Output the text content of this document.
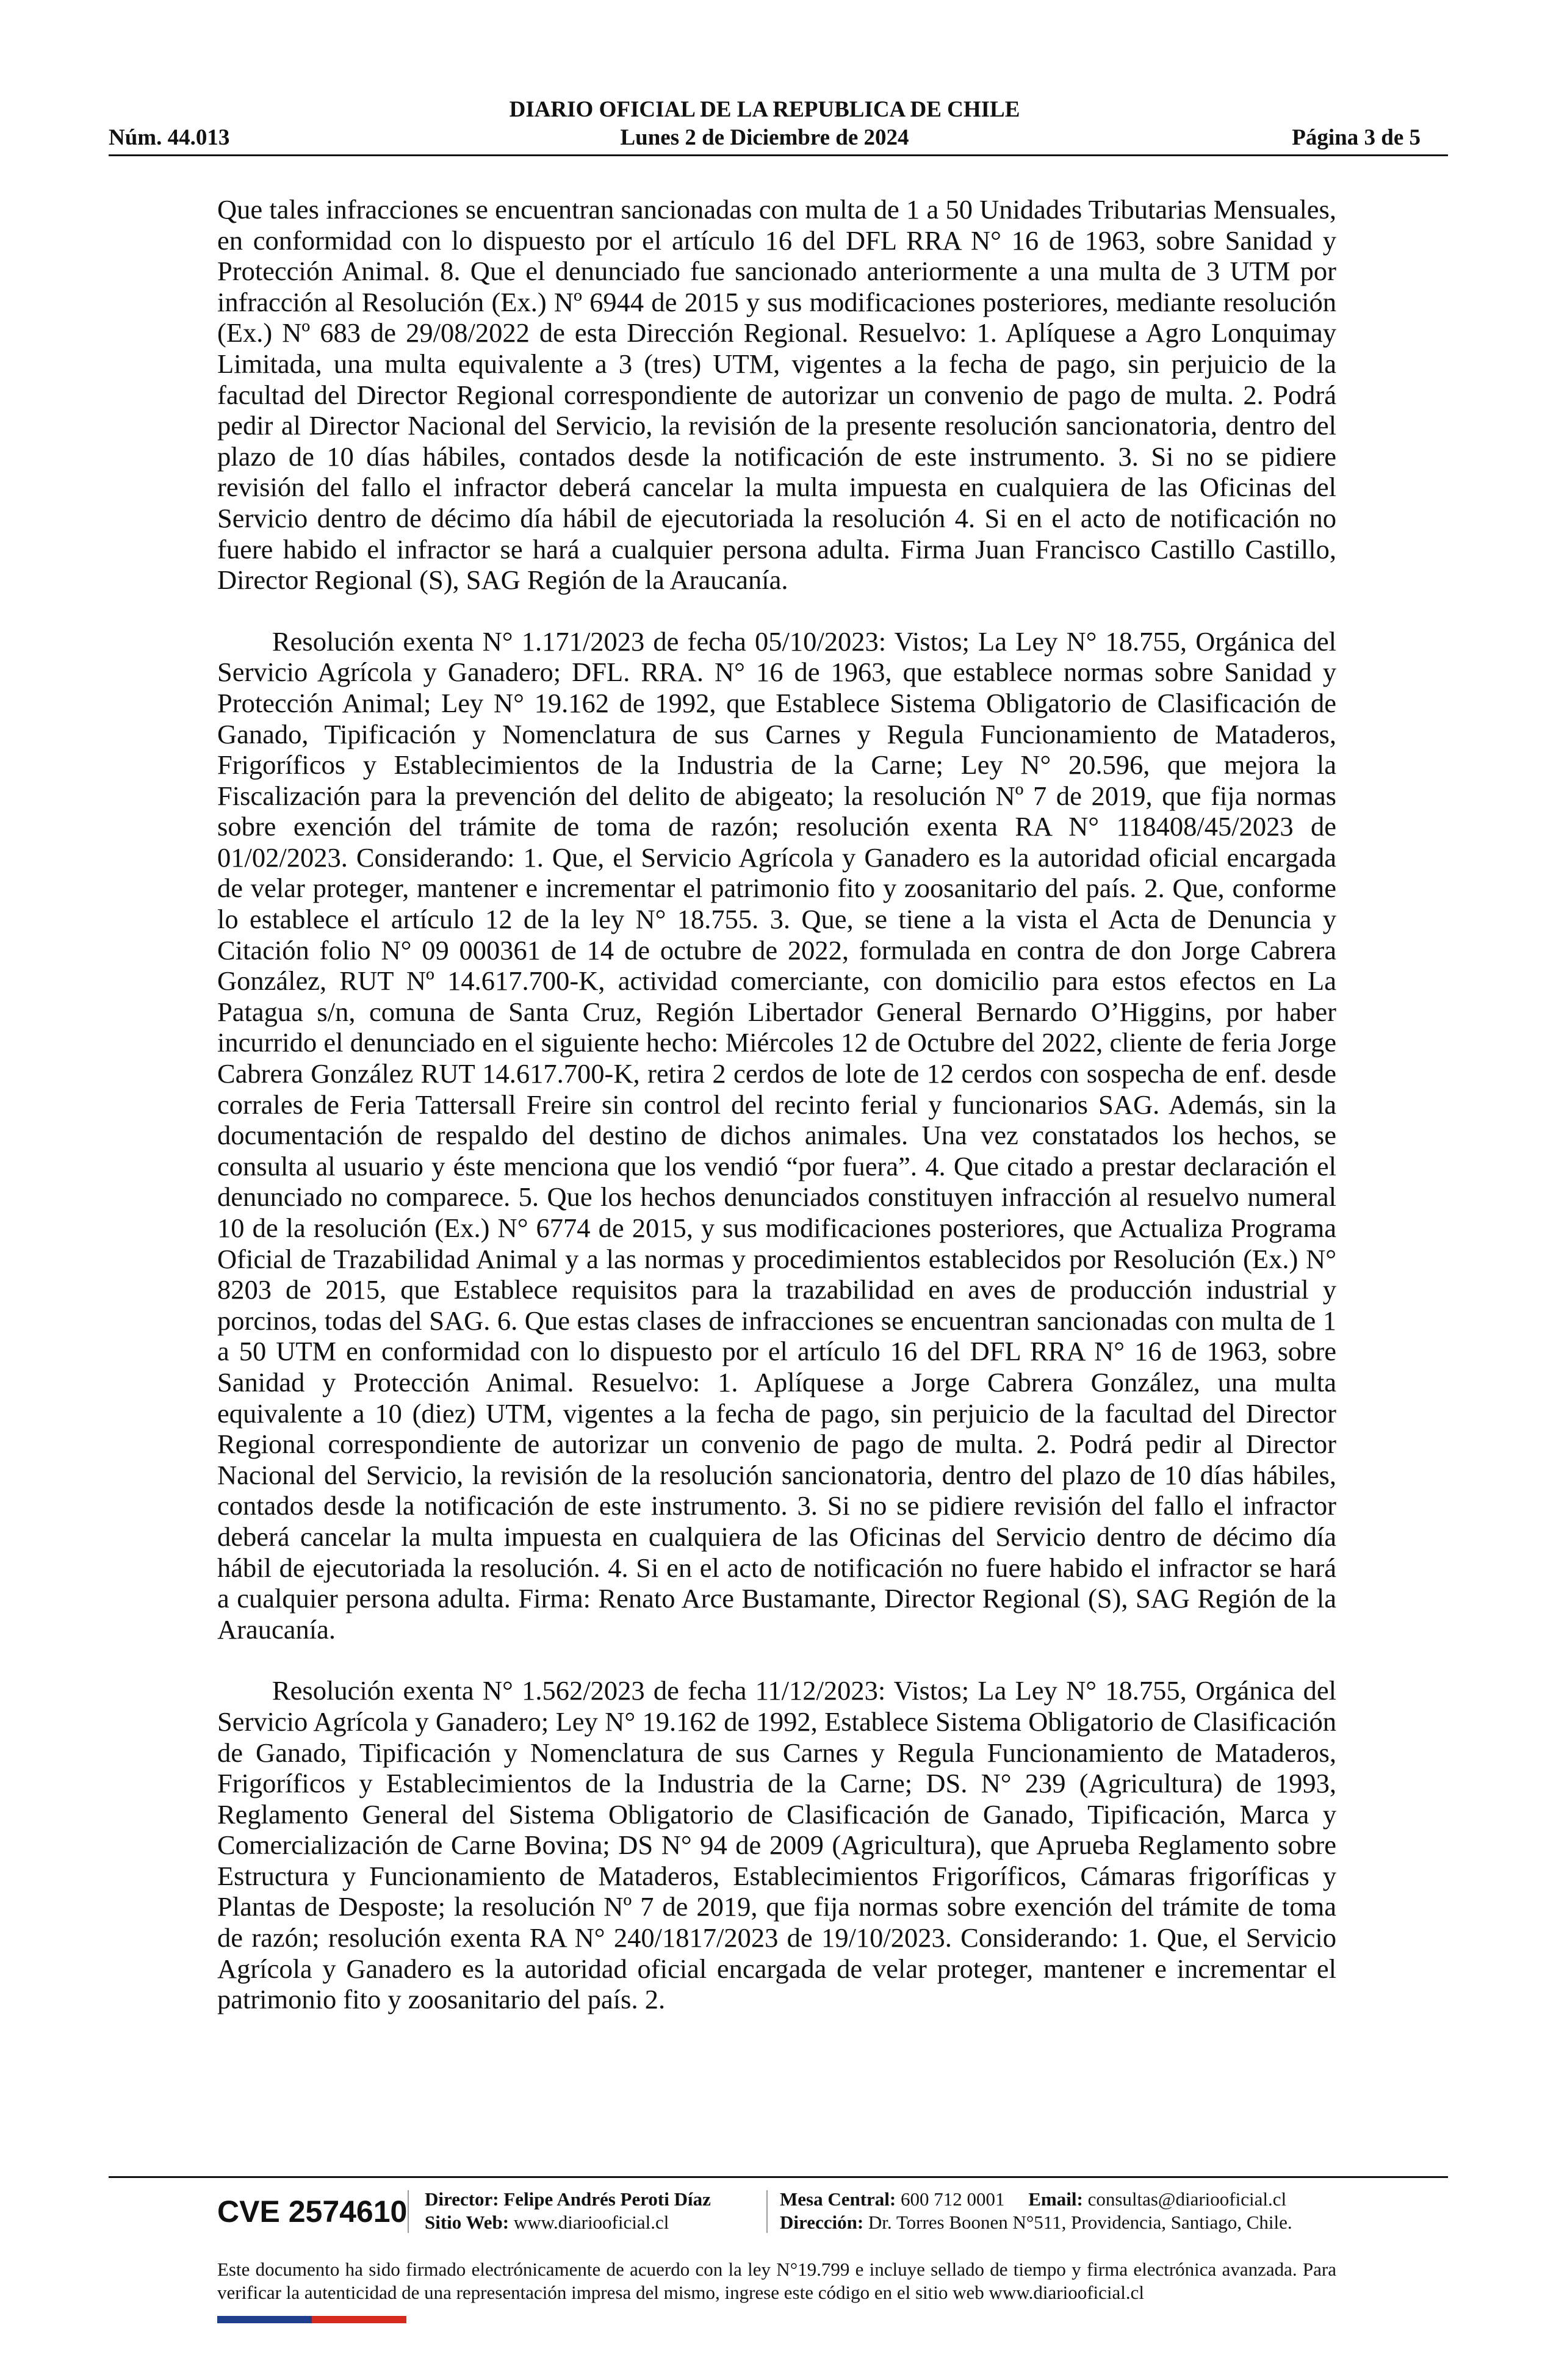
DIARIO OFICIAL DE LA REPUBLICA DE CHILE
Núm. 44.013	Lunes 2 de Diciembre de 2024	Página 3 de 5

Que tales infracciones se encuentran sancionadas con multa de 1 a 50 Unidades Tributarias Mensuales, en conformidad con lo dispuesto por el artículo 16 del DFL RRA N° 16 de 1963, sobre Sanidad y Protección Animal. 8. Que el denunciado fue sancionado anteriormente a una multa de 3 UTM por infracción al Resolución (Ex.) Nº 6944 de 2015 y sus modificaciones posteriores, mediante resolución (Ex.) Nº 683 de 29/08/2022 de esta Dirección Regional. Resuelvo: 1. Aplíquese a Agro Lonquimay Limitada, una multa equivalente a 3 (tres) UTM, vigentes a la fecha de pago, sin perjuicio de la facultad del Director Regional correspondiente de autorizar un convenio de pago de multa. 2. Podrá pedir al Director Nacional del Servicio, la revisión de la presente resolución sancionatoria, dentro del plazo de 10 días hábiles, contados desde la notificación de este instrumento. 3. Si no se pidiere revisión del fallo el infractor deberá cancelar la multa impuesta en cualquiera de las Oficinas del Servicio dentro de décimo día hábil de ejecutoriada la resolución 4. Si en el acto de notificación no fuere habido el infractor se hará a cualquier persona adulta. Firma Juan Francisco Castillo Castillo, Director Regional (S), SAG Región de la Araucanía.

Resolución exenta N° 1.171/2023 de fecha 05/10/2023: Vistos; La Ley N° 18.755, Orgánica del Servicio Agrícola y Ganadero; DFL. RRA. N° 16 de 1963, que establece normas sobre Sanidad y Protección Animal; Ley N° 19.162 de 1992, que Establece Sistema Obligatorio de Clasificación de Ganado, Tipificación y Nomenclatura de sus Carnes y Regula Funcionamiento de Mataderos, Frigoríficos y Establecimientos de la Industria de la Carne; Ley N° 20.596, que mejora la Fiscalización para la prevención del delito de abigeato; la resolución Nº 7 de 2019, que fija normas sobre exención del trámite de toma de razón; resolución exenta RA N° 118408/45/2023 de 01/02/2023. Considerando: 1. Que, el Servicio Agrícola y Ganadero es la autoridad oficial encargada de velar proteger, mantener e incrementar el patrimonio fito y zoosanitario del país. 2. Que, conforme lo establece el artículo 12 de la ley N° 18.755. 3. Que, se tiene a la vista el Acta de Denuncia y Citación folio N° 09 000361 de 14 de octubre de 2022, formulada en contra de don Jorge Cabrera González, RUT Nº 14.617.700-K, actividad comerciante, con domicilio para estos efectos en La Patagua s/n, comuna de Santa Cruz, Región Libertador General Bernardo O’Higgins, por haber incurrido el denunciado en el siguiente hecho: Miércoles 12 de Octubre del 2022, cliente de feria Jorge Cabrera González RUT 14.617.700-K, retira 2 cerdos de lote de 12 cerdos con sospecha de enf. desde corrales de Feria Tattersall Freire sin control del recinto ferial y funcionarios SAG. Además, sin la documentación de respaldo del destino de dichos animales. Una vez constatados los hechos, se consulta al usuario y éste menciona que los vendió “por fuera”. 4. Que citado a prestar declaración el denunciado no comparece. 5. Que los hechos denunciados constituyen infracción al resuelvo numeral 10 de la resolución (Ex.) N° 6774 de 2015, y sus modificaciones posteriores, que Actualiza Programa Oficial de Trazabilidad Animal y a las normas y procedimientos establecidos por Resolución (Ex.) N° 8203 de 2015, que Establece requisitos para la trazabilidad en aves de producción industrial y porcinos, todas del SAG. 6. Que estas clases de infracciones se encuentran sancionadas con multa de 1 a 50 UTM en conformidad con lo dispuesto por el artículo 16 del DFL RRA N° 16 de 1963, sobre Sanidad y Protección Animal. Resuelvo: 1. Aplíquese a Jorge Cabrera González, una multa equivalente a 10 (diez) UTM, vigentes a la fecha de pago, sin perjuicio de la facultad del Director Regional correspondiente de autorizar un convenio de pago de multa. 2. Podrá pedir al Director Nacional del Servicio, la revisión de la resolución sancionatoria, dentro del plazo de 10 días hábiles, contados desde la notificación de este instrumento. 3. Si no se pidiere revisión del fallo el infractor deberá cancelar la multa impuesta en cualquiera de las Oficinas del Servicio dentro de décimo día hábil de ejecutoriada la resolución. 4. Si en el acto de notificación no fuere habido el infractor se hará a cualquier persona adulta. Firma: Renato Arce Bustamante, Director Regional (S), SAG Región de la Araucanía.

Resolución exenta N° 1.562/2023 de fecha 11/12/2023: Vistos; La Ley N° 18.755, Orgánica del Servicio Agrícola y Ganadero; Ley N° 19.162 de 1992, Establece Sistema Obligatorio de Clasificación de Ganado, Tipificación y Nomenclatura de sus Carnes y Regula Funcionamiento de Mataderos, Frigoríficos y Establecimientos de la Industria de la Carne; DS. N° 239 (Agricultura) de 1993, Reglamento General del Sistema Obligatorio de Clasificación de Ganado, Tipificación, Marca y Comercialización de Carne Bovina; DS N° 94 de 2009 (Agricultura), que Aprueba Reglamento sobre Estructura y Funcionamiento de Mataderos, Establecimientos Frigoríficos, Cámaras frigoríficas y Plantas de Desposte; la resolución Nº 7 de 2019, que fija normas sobre exención del trámite de toma de razón; resolución exenta RA N° 240/1817/2023 de 19/10/2023. Considerando: 1. Que, el Servicio Agrícola y Ganadero es la autoridad oficial encargada de velar proteger, mantener e incrementar el patrimonio fito y zoosanitario del país. 2.

CVE 2574610 Director: Felipe Andrés Peroti Díaz
Sitio Web: www.diariooficial.cl
Mesa Central: 600 712 0001 Email: consultas@diariooficial.cl
Dirección: Dr. Torres Boonen N°511, Providencia, Santiago, Chile.
Este documento ha sido firmado electrónicamente de acuerdo con la ley N°19.799 e incluye sellado de tiempo y firma electrónica avanzada. Para verificar la autenticidad de una representación impresa del mismo, ingrese este código en el sitio web www.diariooficial.cl
